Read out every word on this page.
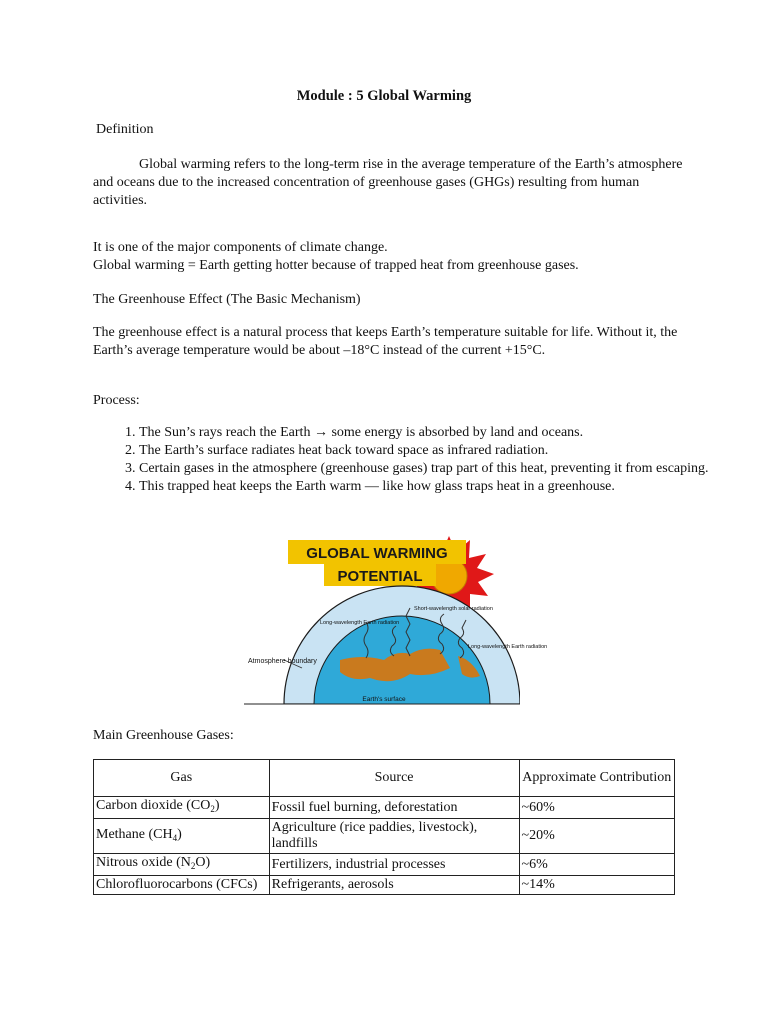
Module : 5 Global Warming
Definition
Global warming refers to the long-term rise in the average temperature of the Earth’s atmosphere and oceans due to the increased concentration of greenhouse gases (GHGs) resulting from human activities.
It is one of the major components of climate change.
Global warming = Earth getting hotter because of trapped heat from greenhouse gases.
The Greenhouse Effect (The Basic Mechanism)
The greenhouse effect is a natural process that keeps Earth’s temperature suitable for life. Without it, the Earth’s average temperature would be about –18°C instead of the current +15°C.
Process:
1. The Sun’s rays reach the Earth → some energy is absorbed by land and oceans.
2. The Earth’s surface radiates heat back toward space as infrared radiation.
3. Certain gases in the atmosphere (greenhouse gases) trap part of this heat, preventing it from escaping.
4. This trapped heat keeps the Earth warm — like how glass traps heat in a greenhouse.
GLOBAL WARMING
POTENTIAL
Long-wavelength Earth radiation
Short-wavelength solar radiation
Long-wavelength Earth radiation
Atmosphere boundary
Earth's surface
Main Greenhouse Gases:
Gas	Source	Approximate Contribution
Carbon dioxide $(CO_2)$	Fossil fuel burning, deforestation	~60%
Methane $(CH_4)$	Agriculture (rice paddies, livestock), landfills	~20%
Nitrous oxide $(N_2O)$	Fertilizers, industrial processes	~6%
Chlorofluorocarbons (CFCs)	Refrigerants, aerosols	~14%
